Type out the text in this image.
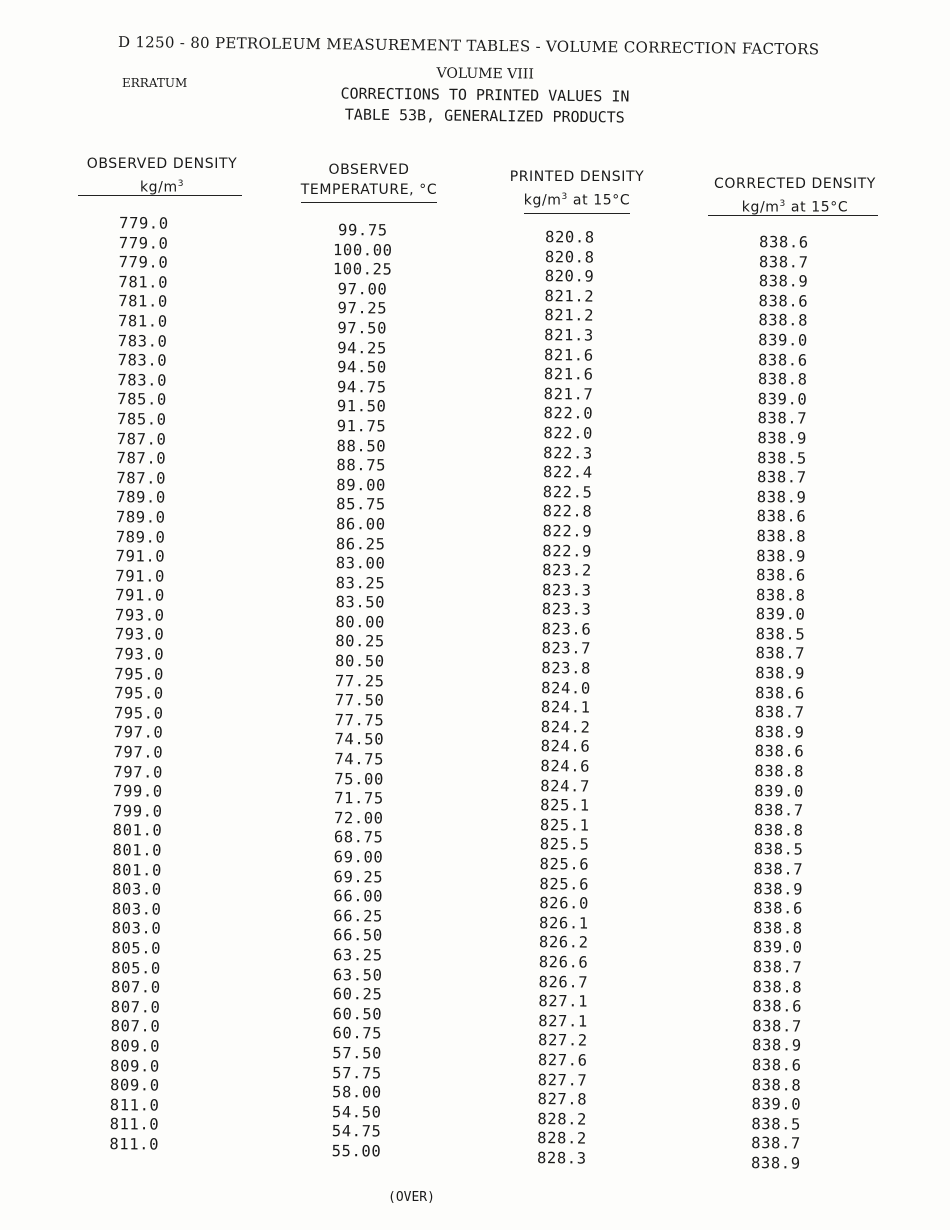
D 1250 - 80 PETROLEUM MEASUREMENT TABLES - VOLUME CORRECTION FACTORS
ERRATUM
VOLUME VIII
CORRECTIONS TO PRINTED VALUES IN
TABLE 53B, GENERALIZED PRODUCTS
OBSERVED DENSITY
$kg/m^3$
OBSERVED
TEMPERATURE, °C
PRINTED DENSITY
$kg/m^3$ at 15°C
CORRECTED DENSITY
$kg/m^3$ at 15°C
779.0
779.0
779.0
781.0
781.0
781.0
783.0
783.0
783.0
785.0
785.0
787.0
787.0
787.0
789.0
789.0
789.0
791.0
791.0
791.0
793.0
793.0
793.0
795.0
795.0
795.0
797.0
797.0
797.0
799.0
799.0
801.0
801.0
801.0
803.0
803.0
803.0
805.0
805.0
807.0
807.0
807.0
809.0
809.0
809.0
811.0
811.0
811.0
99.75
100.00
100.25
97.00
97.25
97.50
94.25
94.50
94.75
91.50
91.75
88.50
88.75
89.00
85.75
86.00
86.25
83.00
83.25
83.50
80.00
80.25
80.50
77.25
77.50
77.75
74.50
74.75
75.00
71.75
72.00
68.75
69.00
69.25
66.00
66.25
66.50
63.25
63.50
60.25
60.50
60.75
57.50
57.75
58.00
54.50
54.75
55.00
820.8
820.8
820.9
821.2
821.2
821.3
821.6
821.6
821.7
822.0
822.0
822.3
822.4
822.5
822.8
822.9
822.9
823.2
823.3
823.3
823.6
823.7
823.8
824.0
824.1
824.2
824.6
824.6
824.7
825.1
825.1
825.5
825.6
825.6
826.0
826.1
826.2
826.6
826.7
827.1
827.1
827.2
827.6
827.7
827.8
828.2
828.2
828.3
838.6
838.7
838.9
838.6
838.8
839.0
838.6
838.8
839.0
838.7
838.9
838.5
838.7
838.9
838.6
838.8
838.9
838.6
838.8
839.0
838.5
838.7
838.9
838.6
838.7
838.9
838.6
838.8
839.0
838.7
838.8
838.5
838.7
838.9
838.6
838.8
839.0
838.7
838.8
838.6
838.7
838.9
838.6
838.8
839.0
838.5
838.7
838.9
(OVER)
